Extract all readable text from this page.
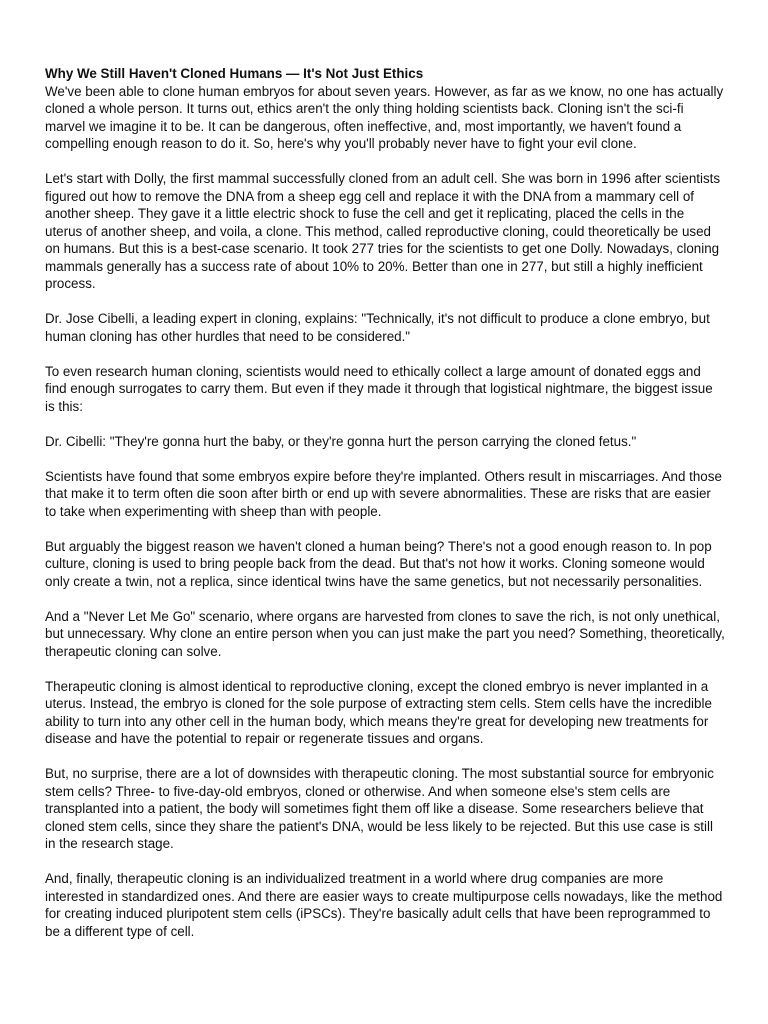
Why We Still Haven't Cloned Humans — It's Not Just Ethics

We've been able to clone human embryos for about seven years. However, as far as we know, no one has actually cloned a whole person. It turns out, ethics aren't the only thing holding scientists back. Cloning isn't the sci-fi marvel we imagine it to be. It can be dangerous, often ineffective, and, most importantly, we haven't found a compelling enough reason to do it. So, here's why you'll probably never have to fight your evil clone.

Let's start with Dolly, the first mammal successfully cloned from an adult cell. She was born in 1996 after scientists figured out how to remove the DNA from a sheep egg cell and replace it with the DNA from a mammary cell of another sheep. They gave it a little electric shock to fuse the cell and get it replicating, placed the cells in the uterus of another sheep, and voila, a clone. This method, called reproductive cloning, could theoretically be used on humans. But this is a best-case scenario. It took 277 tries for the scientists to get one Dolly. Nowadays, cloning mammals generally has a success rate of about 10% to 20%. Better than one in 277, but still a highly inefficient process.

Dr. Jose Cibelli, a leading expert in cloning, explains: "Technically, it's not difficult to produce a clone embryo, but human cloning has other hurdles that need to be considered."

To even research human cloning, scientists would need to ethically collect a large amount of donated eggs and find enough surrogates to carry them. But even if they made it through that logistical nightmare, the biggest issue is this:

Dr. Cibelli: "They're gonna hurt the baby, or they're gonna hurt the person carrying the cloned fetus."

Scientists have found that some embryos expire before they're implanted. Others result in miscarriages. And those that make it to term often die soon after birth or end up with severe abnormalities. These are risks that are easier to take when experimenting with sheep than with people.

But arguably the biggest reason we haven't cloned a human being? There's not a good enough reason to. In pop culture, cloning is used to bring people back from the dead. But that's not how it works. Cloning someone would only create a twin, not a replica, since identical twins have the same genetics, but not necessarily personalities.

And a "Never Let Me Go" scenario, where organs are harvested from clones to save the rich, is not only unethical, but unnecessary. Why clone an entire person when you can just make the part you need? Something, theoretically, therapeutic cloning can solve.

Therapeutic cloning is almost identical to reproductive cloning, except the cloned embryo is never implanted in a uterus. Instead, the embryo is cloned for the sole purpose of extracting stem cells. Stem cells have the incredible ability to turn into any other cell in the human body, which means they're great for developing new treatments for disease and have the potential to repair or regenerate tissues and organs.

But, no surprise, there are a lot of downsides with therapeutic cloning. The most substantial source for embryonic stem cells? Three- to five-day-old embryos, cloned or otherwise. And when someone else's stem cells are transplanted into a patient, the body will sometimes fight them off like a disease. Some researchers believe that cloned stem cells, since they share the patient's DNA, would be less likely to be rejected. But this use case is still in the research stage.

And, finally, therapeutic cloning is an individualized treatment in a world where drug companies are more interested in standardized ones. And there are easier ways to create multipurpose cells nowadays, like the method for creating induced pluripotent stem cells (iPSCs). They're basically adult cells that have been reprogrammed to be a different type of cell.
